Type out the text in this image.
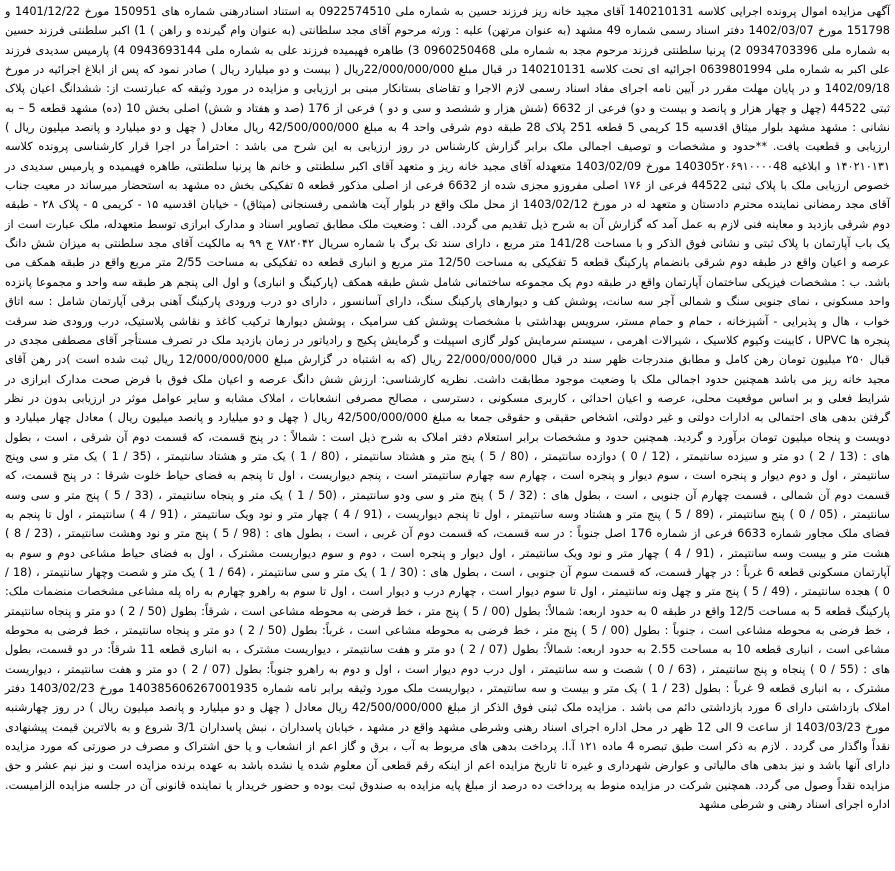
آگهی مزایده اموال پرونده اجرایی کلاسه 140210131 آقای مجید خانه ریز فرزند حسین به شماره ملی 0922574510 به استناد اسنادرهنی شماره های 150951 مورخ 1401/12/22 و 151798 مورخ 1402/03/07 دفتر اسناد رسمی شماره 49 مشهد (به عنوان مرتهن) علیه : ورثه مرحوم آقای مجد سلطانتی (به عنوان وام گیرنده و راهن ) 1) اکبر سلطنتی فرزند حسین به شماره ملی 0934703396 2) پرنیا سلطنتی فرزند مرحوم مجد به شماره ملی 0960250468 3) طاهره فهیمیده فرزند علی به شماره ملی 0943693144 4) پارمیس سدیدی فرزند علی اکبر به شماره ملی 0639801994 اجرائیه ای تحت کلاسه 140210131 در قبال مبلغ 22/000/000/000ریال ( بیست و دو میلیارد ریال ) صادر نمود که پس از ابلاغ اجرائیه در مورخ 1402/09/18 و در پایان مهلت مقرر در آیین نامه اجرای مفاد اسناد رسمی لازم الاجرا و تقاضای بستانکار مبنی بر ارزیابی و مزایده در مورد وثیقه که عبارتست از: ششدانگ اعیان پلاک ثبتی 44522 (چهل و چهار هزار و پانصد و بیست و دو) فرعی از 6632 (شش هزار و ششصد و سی و دو ) فرعی از 176 (صد و هفتاد و شش) اصلی بخش 10 (ده) مشهد قطعه 5 – به نشانی : مشهد مشهد بلوار میثاق اقدسیه 15 کریمی 5 قطعه 251 پلاک 28 طبقه دوم شرقی واحد 4 به مبلغ 42/500/000/000 ریال معادل ( چهل و دو میلیارد و پانصد میلیون ریال ) ارزیابی و قطعیت یافت. **حدود و مشخصات و توصیف اجمالی ملک برابر گزارش کارشناس در روز ارزیابی به این شرح می باشد : احتراماً در اجرا قرار کارشناسی پرونده کلاسه ۱۴۰۲۱۰۱۳۱ و ابلاغیه 140305۲۰۶۹۱۰۰۰۰48 مورخ 1403/02/09 متعهدله آقای مجید خانه ریز و متعهد آقای اکبر سلطنتی و خانم ها پرنیا سلطنتی، طاهره فهیمیده و پارمیس سدیدی در خصوص ارزیابی ملک با پلاک ثبتی 44522 فرعی از ۱۷۶ اصلی مفروزو مجزی شده از 6632 فرعی از اصلی مذکور قطعه ۵ تفکیکی بخش ده مشهد به استحضار میرساند در معیت جناب آقای مجد رمضانی نماینده محترم دادستان و متعهد له در مورخ 1403/02/12 از محل ملک واقع در بلوار آیت هاشمی رفسنجانی (میثاق) - خیابان اقدسیه ۱۵ - کریمی ۵ - پلاک ۲۸ - طبقه دوم شرقی بازدید و معاینه فنی لازم به عمل آمد که گزارش آن به شرح ذیل تقدیم می گردد. الف : وضعیت ملک مطابق تصاویر اسناد و مدارک ابرازی توسط متعهدله، ملک عبارت است از یک باب آپارتمان با پلاک ثبتی و نشانی فوق الذکر و با مساحت 141/28 متر مربع ، دارای سند تک برگ با شماره سریال ۷۸۲۰۴۲ ج ۹۹ به مالکیت آقای مجد سلطنتی به میزان شش دانگ عرصه و اعیان واقع در طبقه دوم شرقی بانضمام پارکینگ قطعه 5 تفکیکی به مساحت 12/50 متر مربع و انباری قطعه ده تفکیکی به مساحت 2/55 متر مربع واقع در طبقه همکف می باشد. ب : مشخصات فیزیکی ساختمان آپارتمان واقع در طبقه دوم یک مجموعه ساختمانی شامل شش طبقه همکف (پارکینگ و انباری) و اول الی پنجم هر طبقه سه واحد و مجموعا پانزده واحد مسکونی ، نمای جنوبی سنگ و شمالی آجر سه سانت، پوشش کف و دیوارهای پارکینگ سنگ، دارای آسانسور ، دارای دو درب ورودی پارکینگ آهنی برقی آپارتمان شامل : سه اتاق خواب ، هال و پذیرایی - آشپزخانه ، حمام و حمام مستر، سرویس بهداشتی با مشخصات پوشش کف سرامیک ، پوشش دیوارها ترکیب کاغذ و نقاشی پلاستیک، درب ورودی ضد سرقت پنجره ها UPVC ، کابینت وکیوم کلاسیک ، شیرالات اهرمی ، سیستم سرمایش کولر گازی اسپیلت و گرمایش پکیج و رادیاتور در زمان بازدید ملک در تصرف مستأجر آقای مصطفی مجدی در قبال ۲۵۰ میلیون تومان رهن کامل و مطابق مندرجات ظهر سند در قبال 22/000/000/000 ریال (که به اشتباه در گزارش مبلغ 12/000/000/000 ریال ثبت شده است )در رهن آقای مجید خانه ریز می باشد همچنین حدود اجمالی ملک با وضعیت موجود مطابقت داشت. نظریه کارشناسی: ارزش شش دانگ عرصه و اعیان ملک فوق با فرض صحت مدارک ابرازی در شرایط فعلی و بر اساس موقعیت محلی، عرصه و اعیان احداثی ، کاربری مسکونی ، دسترسی ، مصالح مصرفی انشعابات ، املاک مشابه و سایر عوامل موثر در ارزیابی بدون در نظر گرفتن بدهی های احتمالی به ادارات دولتی و غیر دولتی، اشخاص حقیقی و حقوقی جمعا به مبلغ 42/500/000/000 ریال ( چهل و دو میلیارد و پانصد میلیون ریال ) معادل چهار میلیارد و دویست و پنجاه میلیون تومان برآورد و گردید. همچنین حدود و مشخصات برابر استعلام دفتر املاک به شرح ذیل است : شمالاً : در پنج قسمت، که قسمت دوم آن شرقی ، است ، بطول های : (13 / 2 ) دو متر و سیزده سانتیمتر ، (12 / 0 ) دوازده سانتیمتر ، (80 / 5 ) پنج متر و هشتاد سانتیمتر ، (80 / 1 ) یک متر و هشتاد سانتیمتر ، (35 / 1 ) یک متر و سی وپنج سانتیمتر ، اول و دوم دیوار و پنجره است ، سوم دیوار و پنجره است ، چهارم سه چهارم سانتیمتر است ، پنجم دیواریست ، اول تا پنجم به فضای حیاط خلوت شرقا : در پنج قسمت، که قسمت دوم آن شمالی ، قسمت چهارم آن جنوبی ، است ، بطول های : (32 / 5 ) پنج متر و سی ودو سانتیمتر ، (50 / 1 ) یک متر و پنجاه سانتیمتر ، (33 / 5 ) پنج متر و سی وسه سانتیمتر ، (05 / 0 ) پنج سانتیمتر ، (89 / 5 ) پنج متر و هشتاد وسه سانتیمتر ، اول تا پنجم دیواریست ، (91 / 4 ) چهار متر و نود ویک سانتیمتر ، (91 / 4 ) سانتیمتر ، اول تا پنجم به فضای ملک مجاور شماره 6633 فرعی از شماره 176 اصل جنوباً : در سه قسمت، که قسمت دوم آن غربی ، است ، بطول های : (98 / 5 ) پنج متر و نود وهشت سانتیمتر ، (23 / 8 ) هشت متر و بیست وسه سانتیمتر ، (91 / 4 ) چهار متر و نود ویک سانتیمتر ، اول دیوار و پنجره است ، دوم و سوم دیواریست مشترک ، اول به فضای حیاط مشاعی دوم و سوم به آپارتمان مسکونی قطعه 6 غرباً : در چهار قسمت، که قسمت سوم آن جنوبی ، است ، بطول های : (30 / 1 ) یک متر و سی سانتیمتر ، (64 / 1 ) یک متر و شصت وچهار سانتیمتر ، (18 / 0 ) هجده سانتیمتر ، (49 / 5 ) پنج متر و چهل ونه سانتیمتر ، اول تا سوم دیوار است ، چهارم درب و دیوار است ، اول تا سوم به راهرو چهارم به راه پله مشاعی مشخصات منضمات ملک: پارکینگ قطعه 5 به مساحت 12/5 واقع در طبقه 0 به حدود اربعه: شمالاً: بطول (00 / 5 ) پنج متر ، خط فرضی به محوطه مشاعی است ، شرقاً: بطول (50 / 2 ) دو متر و پنجاه سانتیمتر ، خط فرضی به محوطه مشاعی است ، جنوباً : بطول (00 / 5 ) پنج متر ، خط فرضی به محوطه مشاعی است ، غرباً: بطول (50 / 2 ) دو متر و پنجاه سانتیمتر ، خط فرضی به محوطه مشاعی است ، انباری قطعه 10 به مساحت 2.55 به حدود اربعه: شمالاً: بطول (07 / 2 ) دو متر و هفت سانتیمتر ، دیواریست مشترک ، به انباری قطعه 11 شرقاً: در دو قسمت، بطول های : (55 / 0 ) پنجاه و پنج سانتیمتر ، (63 / 0 ) شصت و سه سانتیمتر ، اول درب دوم دیوار است ، اول و دوم به راهرو جنوباً: بطول (07 / 2 ) دو متر و هفت سانتیمتر ، دیواریست مشترک ، به انباری قطعه 9 غرباً : بطول (23 / 1 ) یک متر و بیست و سه سانتیمتر ، دیواریست ملک مورد وثیقه برابر نامه شماره 140385606267001935 مورخ 1403/02/23 دفتر املاک بازداشتی دارای 6 مورد بازداشتی دائم می باشد . مزایده ملک ثبتی فوق الذکر از مبلغ 42/500/000/000 ریال معادل ( چهل و دو میلیارد و پانصد میلیون ریال ) در روز چهارشنبه مورخ 1403/03/23 از ساعت 9 الی 12 ظهر در محل اداره اجرای اسناد رهنی وشرطی مشهد واقع در مشهد ، خیابان پاسداران ، نبش پاسداران 3/1 شروع و به بالاترین قیمت پیشنهادی نقداً واگذار می گردد . لازم به ذکر است طبق تبصره 4 ماده ۱۲۱ آ.ا. پرداخت بدهی های مربوط به آب ، برق و گاز اعم از انشعاب و یا حق اشتراک و مصرف در صورتی که مورد مزایده دارای آنها باشد و نیز بدهی های مالیاتی و عوارض شهرداری و غیره تا تاریخ مزایده اعم از اینکه رقم قطعی آن معلوم شده یا نشده باشد به عهده برنده مزایده است و نیز نیم عشر و حق مزایده نقداً وصول می گردد. همچنین شرکت در مزایده منوط به پرداخت ده درصد از مبلغ پایه مزایده به صندوق ثبت بوده و حضور خریدار یا نماینده قانونی آن در جلسه مزایده الزامیست. اداره اجرای اسناد رهنی و شرطی مشهد
